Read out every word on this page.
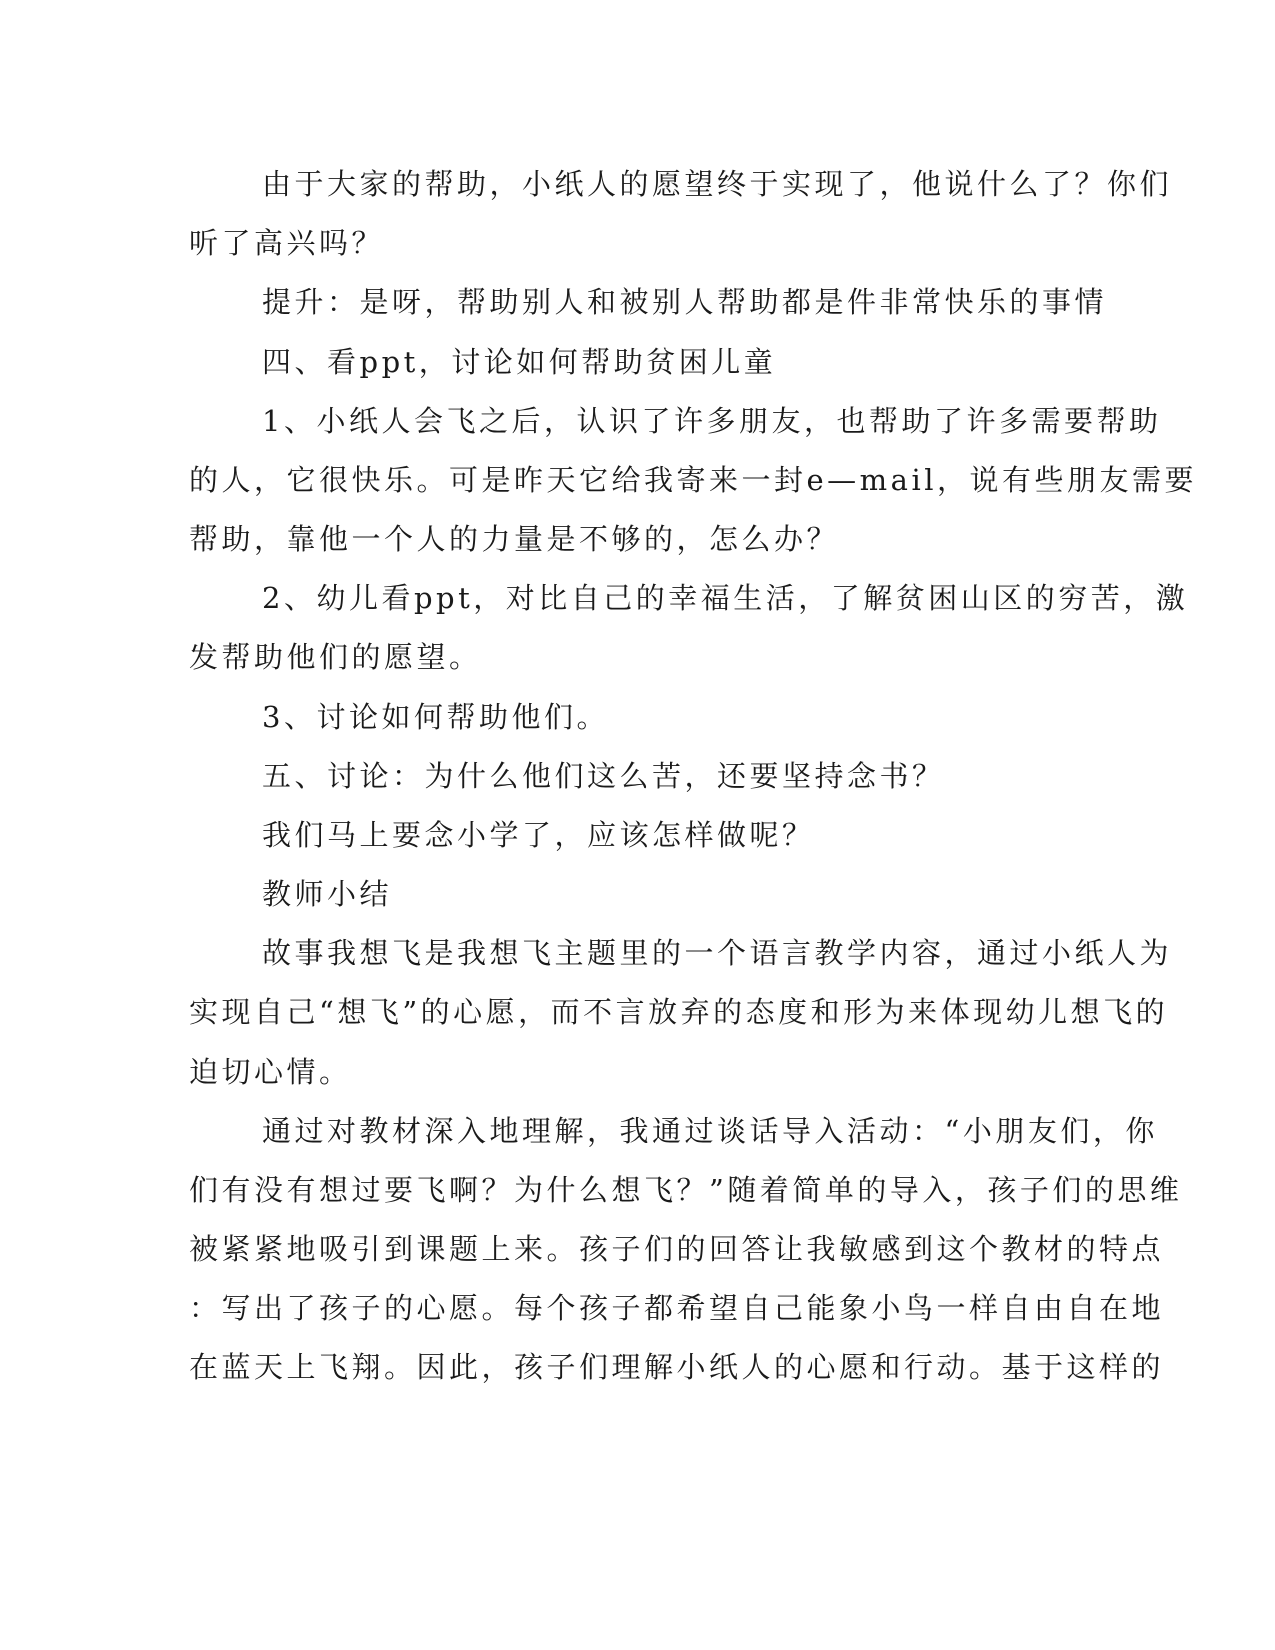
由于大家的帮助，小纸人的愿望终于实现了，他说什么了？你们
听了高兴吗？
提升：是呀，帮助别人和被别人帮助都是件非常快乐的事情
四、看ppt，讨论如何帮助贫困儿童
1、小纸人会飞之后，认识了许多朋友，也帮助了许多需要帮助
的人，它很快乐。可是昨天它给我寄来一封e—mail，说有些朋友需要
帮助，靠他一个人的力量是不够的，怎么办？
2、幼儿看ppt，对比自己的幸福生活，了解贫困山区的穷苦，激
发帮助他们的愿望。
3、讨论如何帮助他们。
五、讨论：为什么他们这么苦，还要坚持念书？
我们马上要念小学了，应该怎样做呢？
教师小结
故事我想飞是我想飞主题里的一个语言教学内容，通过小纸人为
实现自己“想飞”的心愿，而不言放弃的态度和形为来体现幼儿想飞的
迫切心情。
通过对教材深入地理解，我通过谈话导入活动：“小朋友们，你
们有没有想过要飞啊？为什么想飞？”随着简单的导入，孩子们的思维
被紧紧地吸引到课题上来。孩子们的回答让我敏感到这个教材的特点
：写出了孩子的心愿。每个孩子都希望自己能象小鸟一样自由自在地
在蓝天上飞翔。因此，孩子们理解小纸人的心愿和行动。基于这样的
